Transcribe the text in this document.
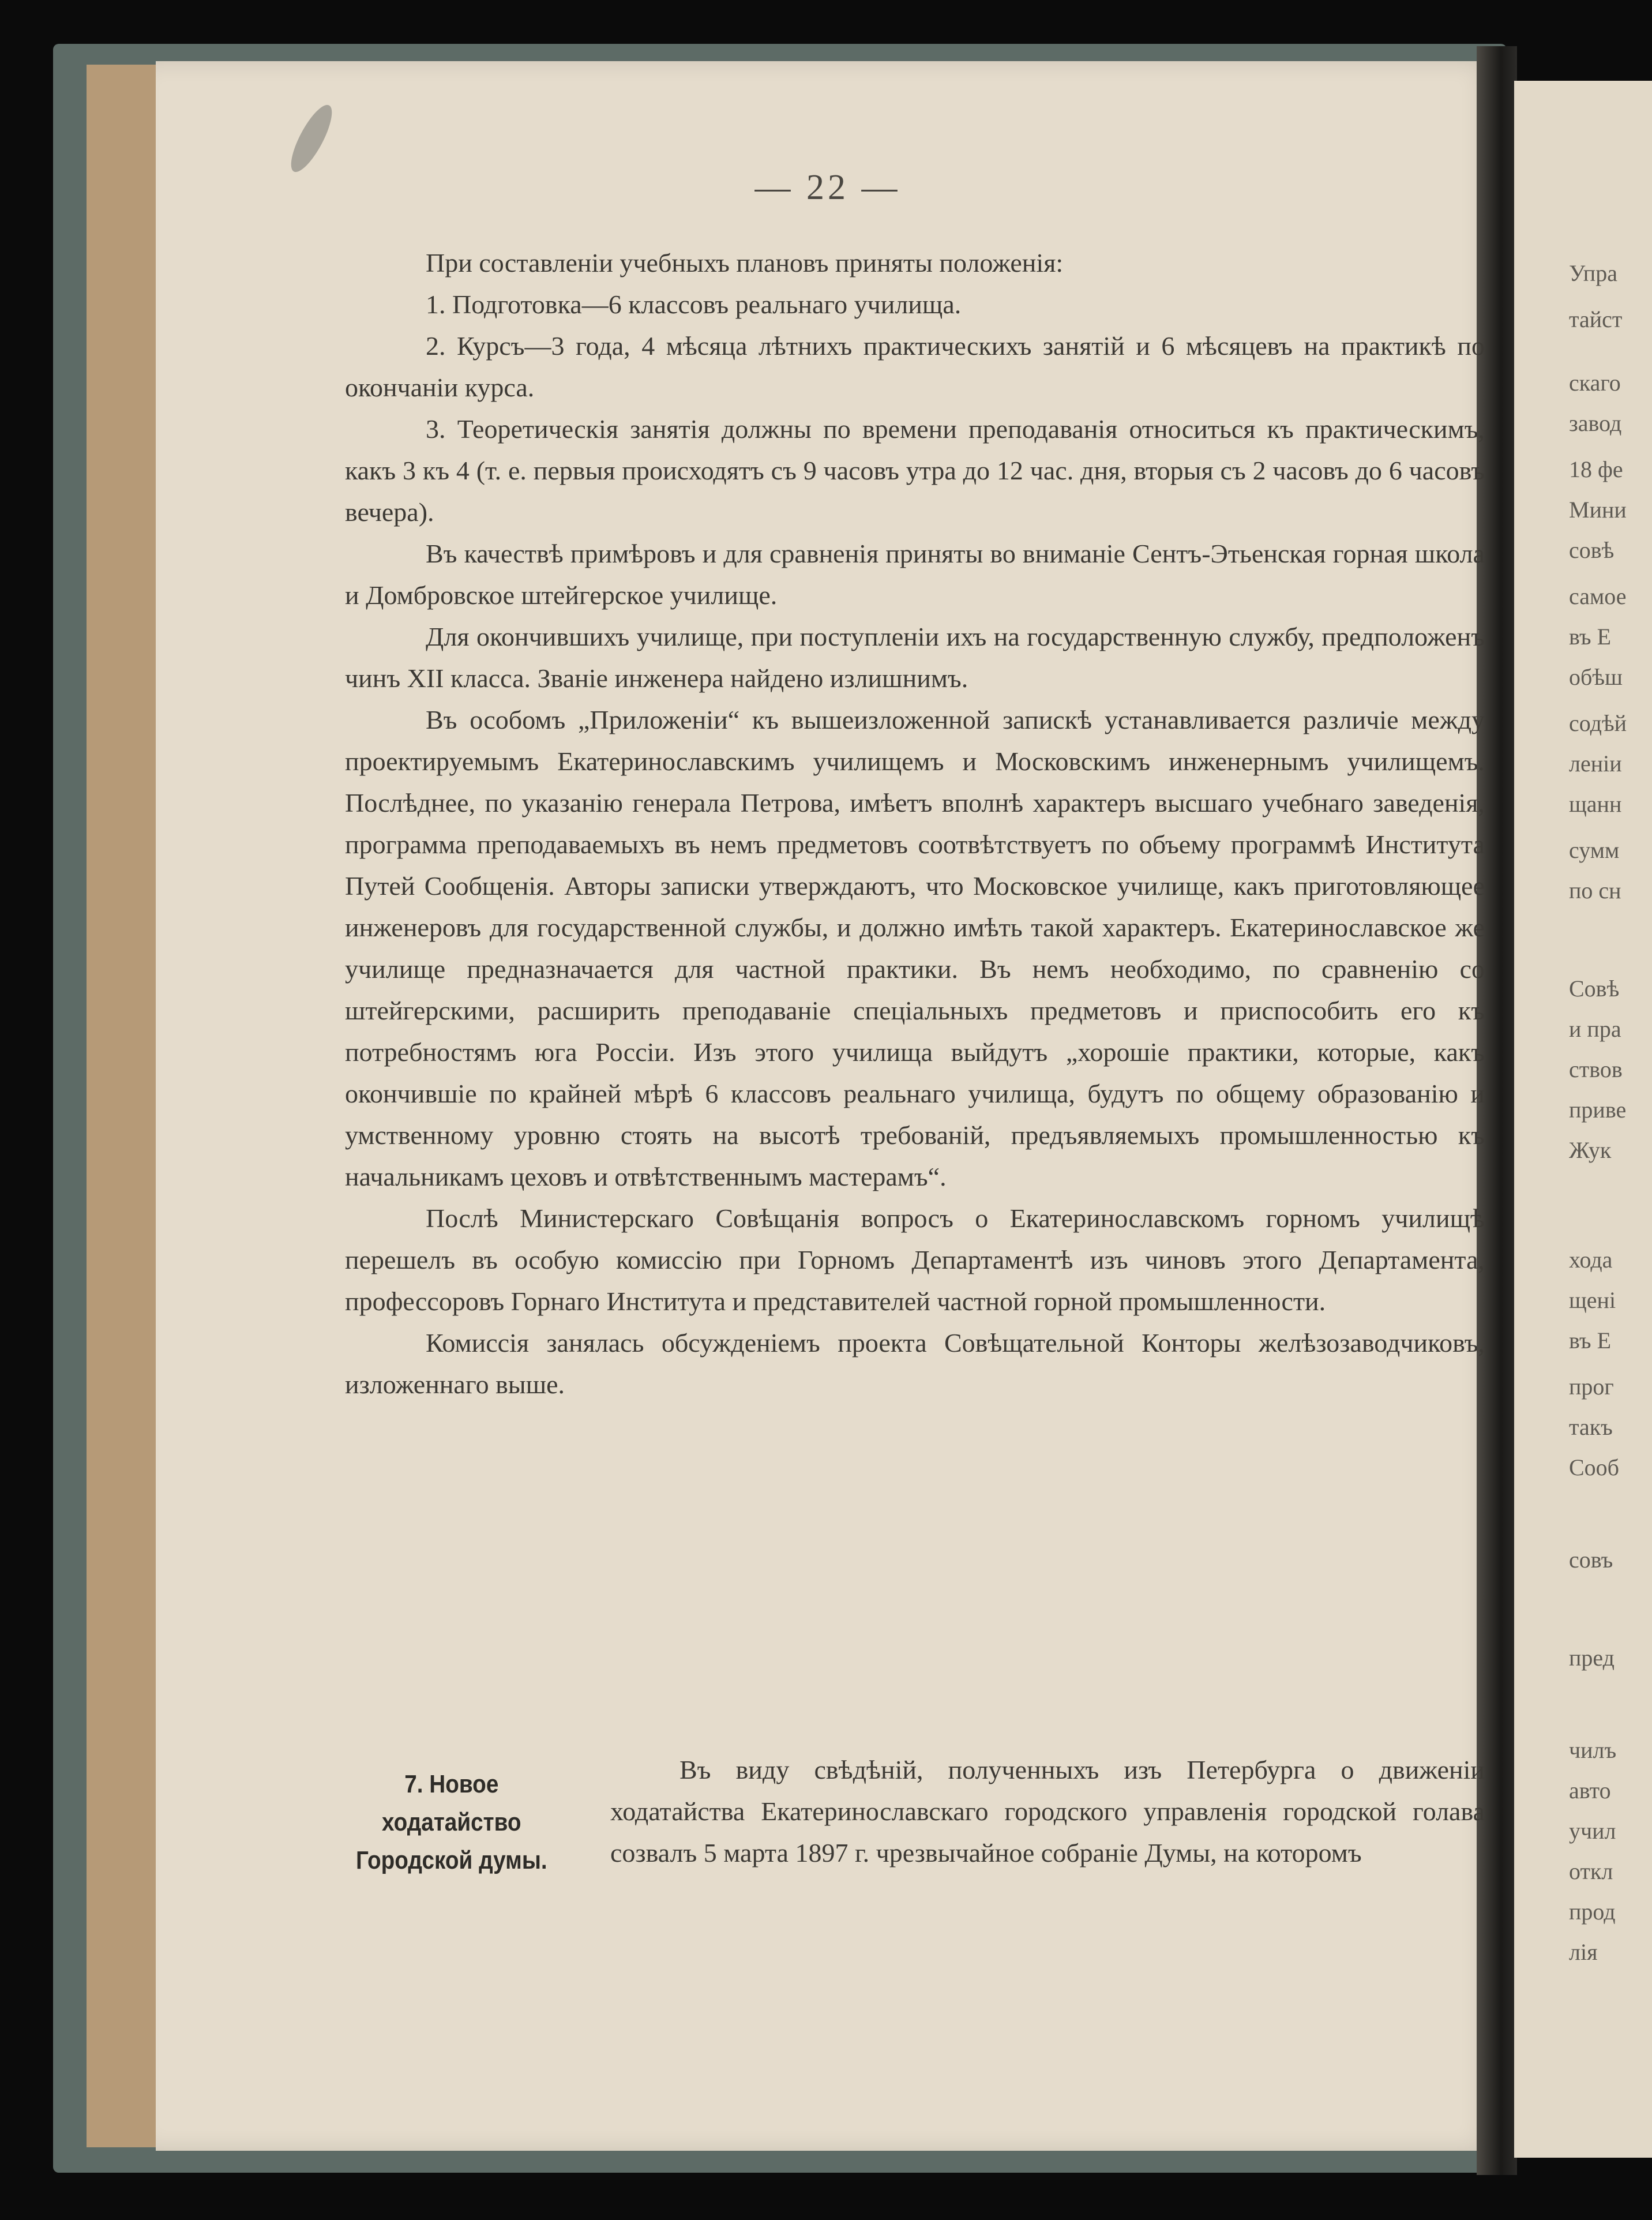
— 22 —

При составленіи учебныхъ плановъ приняты положенія:

1. Подготовка—6 классовъ реальнаго училища.

2. Курсъ—3 года, 4 мѣсяца лѣтнихъ практическихъ занятій и 6 мѣсяцевъ на практикѣ по окончаніи курса.

3. Теоретическія занятія должны по времени преподаванія относиться къ практическимъ, какъ 3 къ 4 (т. е. первыя происходятъ съ 9 часовъ утра до 12 час. дня, вторыя съ 2 часовъ до 6 часовъ вечера).

Въ качествѣ примѣровъ и для сравненія приняты во вниманіе Сентъ-Этьенская горная школа и Домбровское штейгерское училище.

Для окончившихъ училище, при поступленіи ихъ на государственную службу, предположенъ чинъ XII класса. Званіе инженера найдено излишнимъ.

Въ особомъ „Приложеніи“ къ вышеизложенной запискѣ устанавливается различіе между проектируемымъ Екатеринославскимъ училищемъ и Московскимъ инженернымъ училищемъ. Послѣднее, по указанію генерала Петрова, имѣетъ вполнѣ характеръ высшаго учебнаго заведенія, программа преподаваемыхъ въ немъ предметовъ соотвѣтствуетъ по объему программѣ Института Путей Сообщенія. Авторы записки утверждаютъ, что Московское училище, какъ приготовляющее инженеровъ для государственной службы, и должно имѣть такой характеръ. Екатеринославское же училище предназначается для частной практики. Въ немъ необходимо, по сравненію со штейгерскими, расширить преподаваніе спеціальныхъ предметовъ и приспособить его къ потребностямъ юга Россіи. Изъ этого училища выйдутъ „хорошіе практики, которые, какъ окончившіе по крайней мѣрѣ 6 классовъ реальнаго училища, будутъ по общему образованію и умственному уровню стоять на высотѣ требованій, предъявляемыхъ промышленностью къ начальникамъ цеховъ и отвѣтственнымъ мастерамъ“.

Послѣ Министерскаго Совѣщанія вопросъ о Екатеринославскомъ горномъ училищѣ перешелъ въ особую комиссію при Горномъ Департаментѣ изъ чиновъ этого Департамента, профессоровъ Горнаго Института и представителей частной горной промышленности.

Комиссія занялась обсужденіемъ проекта Совѣщательной Конторы желѣзозаводчиковъ, изложеннаго выше.

7. Новое ходатайство Городской думы.

Въ виду свѣдѣній, полученныхъ изъ Петербурга о движеніи ходатайства Екатеринославскаго городского управленія городской голава созвалъ 5 марта 1897 г. чрезвычайное собраніе Думы, на которомъ

Упра
тайст
скаго
завод
18 фе
Мини
совѣ
самое
въ Е
обѣш
содѣй
леніи
щанн
сумм
по сн
Совѣ
и пра
ствов
приве
Жук
хода
щені
въ Е
прог
такъ
Сооб
совъ
пред
чилъ
авто
учил
откл
прод
лія
